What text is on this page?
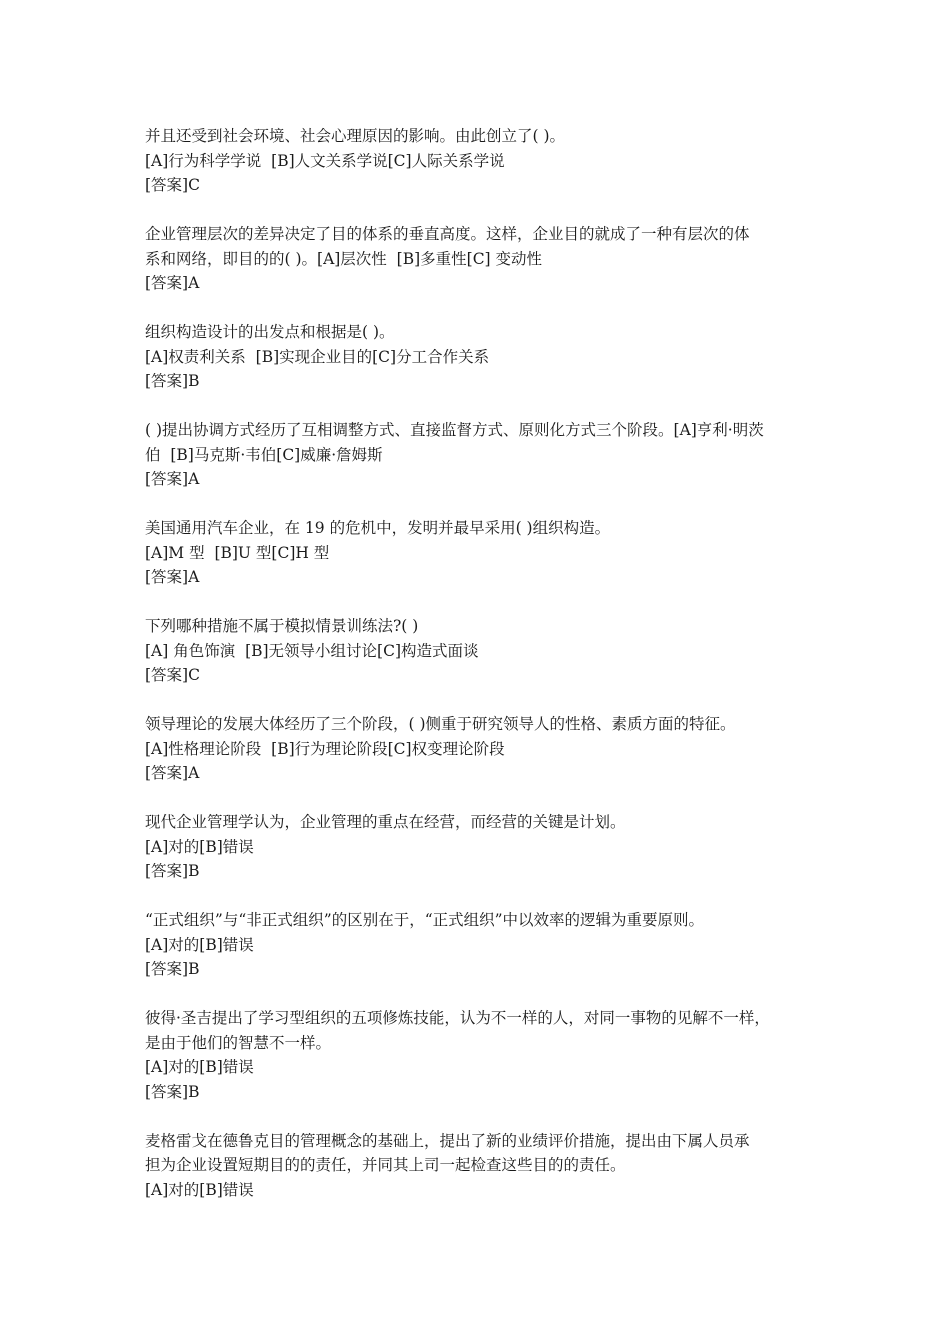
并且还受到社会环境、社会心理原因的影响。由此创立了( )。
[A]行为科学学说  [B]人文关系学说[C]人际关系学说
[答案]C
企业管理层次的差异决定了目的体系的垂直高度。这样，企业目的就成了一种有层次的体
系和网络，即目的的( )。[A]层次性  [B]多重性[C] 变动性
[答案]A
组织构造设计的出发点和根据是( )。
[A]权责利关系  [B]实现企业目的[C]分工合作关系
[答案]B
( )提出协调方式经历了互相调整方式、直接监督方式、原则化方式三个阶段。[A]亨利·明茨
伯  [B]马克斯·韦伯[C]威廉·詹姆斯
[答案]A
美国通用汽车企业，在 19 的危机中，发明并最早采用( )组织构造。
[A]M 型  [B]U 型[C]H 型
[答案]A
下列哪种措施不属于模拟情景训练法?( )
[A] 角色饰演  [B]无领导小组讨论[C]构造式面谈
[答案]C
领导理论的发展大体经历了三个阶段，( )侧重于研究领导人的性格、素质方面的特征。
[A]性格理论阶段  [B]行为理论阶段[C]权变理论阶段
[答案]A
现代企业管理学认为，企业管理的重点在经营，而经营的关键是计划。
[A]对的[B]错误
[答案]B
“正式组织”与“非正式组织”的区别在于，“正式组织”中以效率的逻辑为重要原则。
[A]对的[B]错误
[答案]B
彼得·圣吉提出了学习型组织的五项修炼技能，认为不一样的人，对同一事物的见解不一样，
是由于他们的智慧不一样。
[A]对的[B]错误
[答案]B
麦格雷戈在德鲁克目的管理概念的基础上，提出了新的业绩评价措施，提出由下属人员承
担为企业设置短期目的的责任，并同其上司一起检查这些目的的责任。
[A]对的[B]错误
